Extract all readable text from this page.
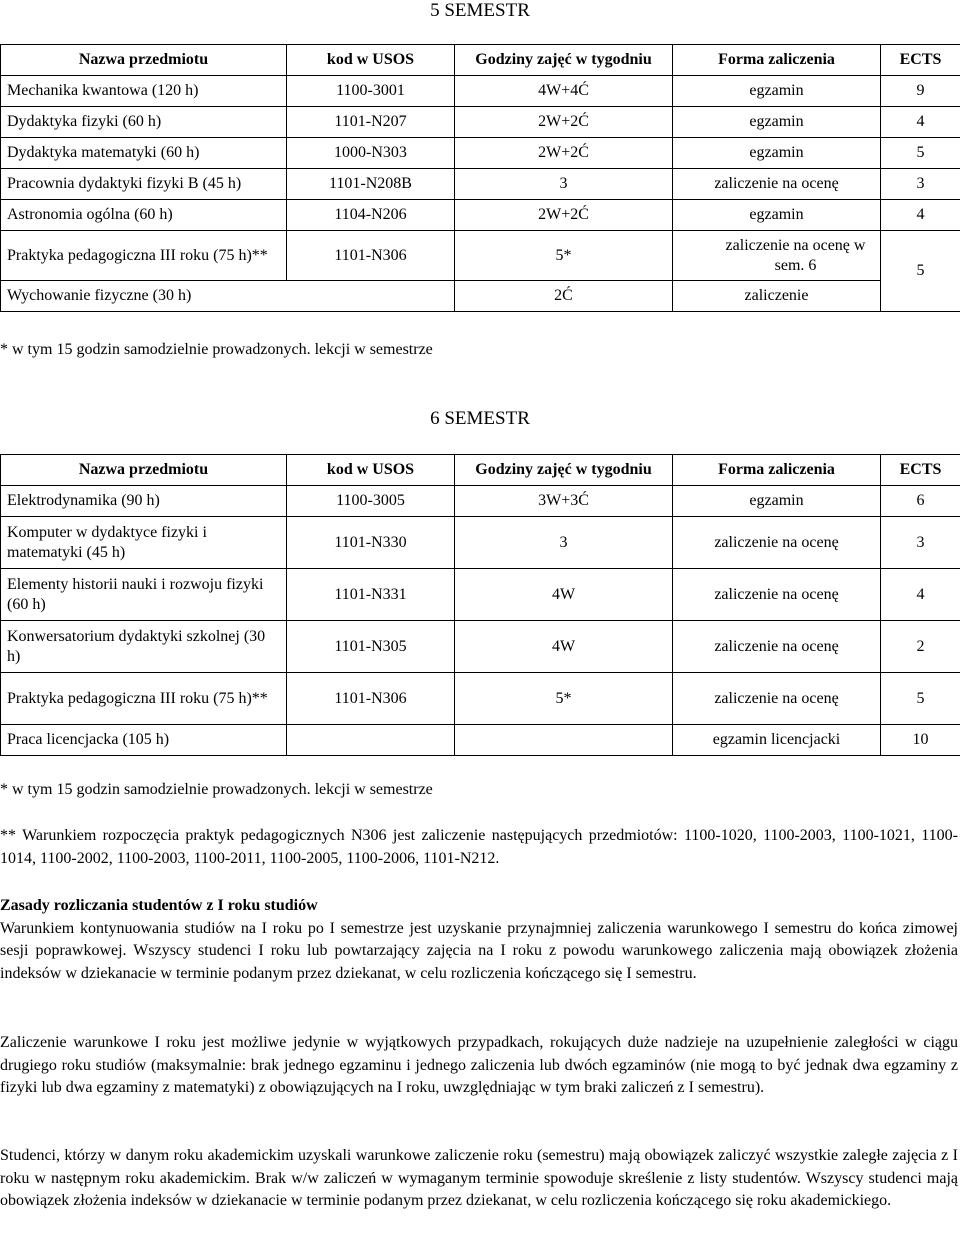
5 SEMESTR
Nazwa przedmiotu	kod w USOS	Godziny zajęć w tygodniu	Forma zaliczenia	ECTS
Mechanika kwantowa (120 h)	1100-3001	4W+4Ć	egzamin	9
Dydaktyka fizyki (60 h)	1101-N207	2W+2Ć	egzamin	4
Dydaktyka matematyki (60 h)	1000-N303	2W+2Ć	egzamin	5
Pracownia dydaktyki fizyki B (45 h)	1101-N208B	3	zaliczenie na ocenę	3
Astronomia ogólna (60 h)	1104-N206	2W+2Ć	egzamin	4
Praktyka pedagogiczna III roku (75 h)**	1101-N306	5*	zaliczenie na ocenę w sem. 6	5
Wychowanie fizyczne (30 h)		2Ć	zaliczenie	
* w tym 15 godzin samodzielnie prowadzonych. lekcji w semestrze
6 SEMESTR
Nazwa przedmiotu	kod w USOS	Godziny zajęć w tygodniu	Forma zaliczenia	ECTS
Elektrodynamika (90 h)	1100-3005	3W+3Ć	egzamin	6
Komputer w dydaktyce fizyki i matematyki (45 h)	1101-N330	3	zaliczenie na ocenę	3
Elementy historii nauki i rozwoju fizyki (60 h)	1101-N331	4W	zaliczenie na ocenę	4
Konwersatorium dydaktyki szkolnej (30 h)	1101-N305	4W	zaliczenie na ocenę	2
Praktyka pedagogiczna III roku (75 h)**	1101-N306	5*	zaliczenie na ocenę	5
Praca licencjacka (105 h)			egzamin licencjacki	10
* w tym 15 godzin samodzielnie prowadzonych. lekcji w semestrze
** Warunkiem rozpoczęcia praktyk pedagogicznych N306 jest zaliczenie następujących przedmiotów: 1100-1020, 1100-2003, 1100-1021, 1100-1014, 1100-2002, 1100-2003, 1100-2011, 1100-2005, 1100-2006, 1101-N212.
Zasady rozliczania studentów z I roku studiów
Warunkiem kontynuowania studiów na I roku po I semestrze jest uzyskanie przynajmniej zaliczenia warunkowego I semestru do końca zimowej sesji poprawkowej. Wszyscy studenci I roku lub powtarzający zajęcia na I roku z powodu warunkowego zaliczenia mają obowiązek złożenia indeksów w dziekanacie w terminie podanym przez dziekanat, w celu rozliczenia kończącego się I semestru.
Zaliczenie warunkowe I roku jest możliwe jedynie w wyjątkowych przypadkach, rokujących duże nadzieje na uzupełnienie zaległości w ciągu drugiego roku studiów (maksymalnie: brak jednego egzaminu i jednego zaliczenia lub dwóch egzaminów (nie mogą to być jednak dwa egzaminy z fizyki lub dwa egzaminy z matematyki) z obowiązujących na I roku, uwzględniając w tym braki zaliczeń z I semestru).
Studenci, którzy w danym roku akademickim uzyskali warunkowe zaliczenie roku (semestru) mają obowiązek zaliczyć wszystkie zaległe zajęcia z I roku w następnym roku akademickim. Brak w/w zaliczeń w wymaganym terminie spowoduje skreślenie z listy studentów. Wszyscy studenci mają obowiązek złożenia indeksów w dziekanacie w terminie podanym przez dziekanat, w celu rozliczenia kończącego się roku akademickiego.
